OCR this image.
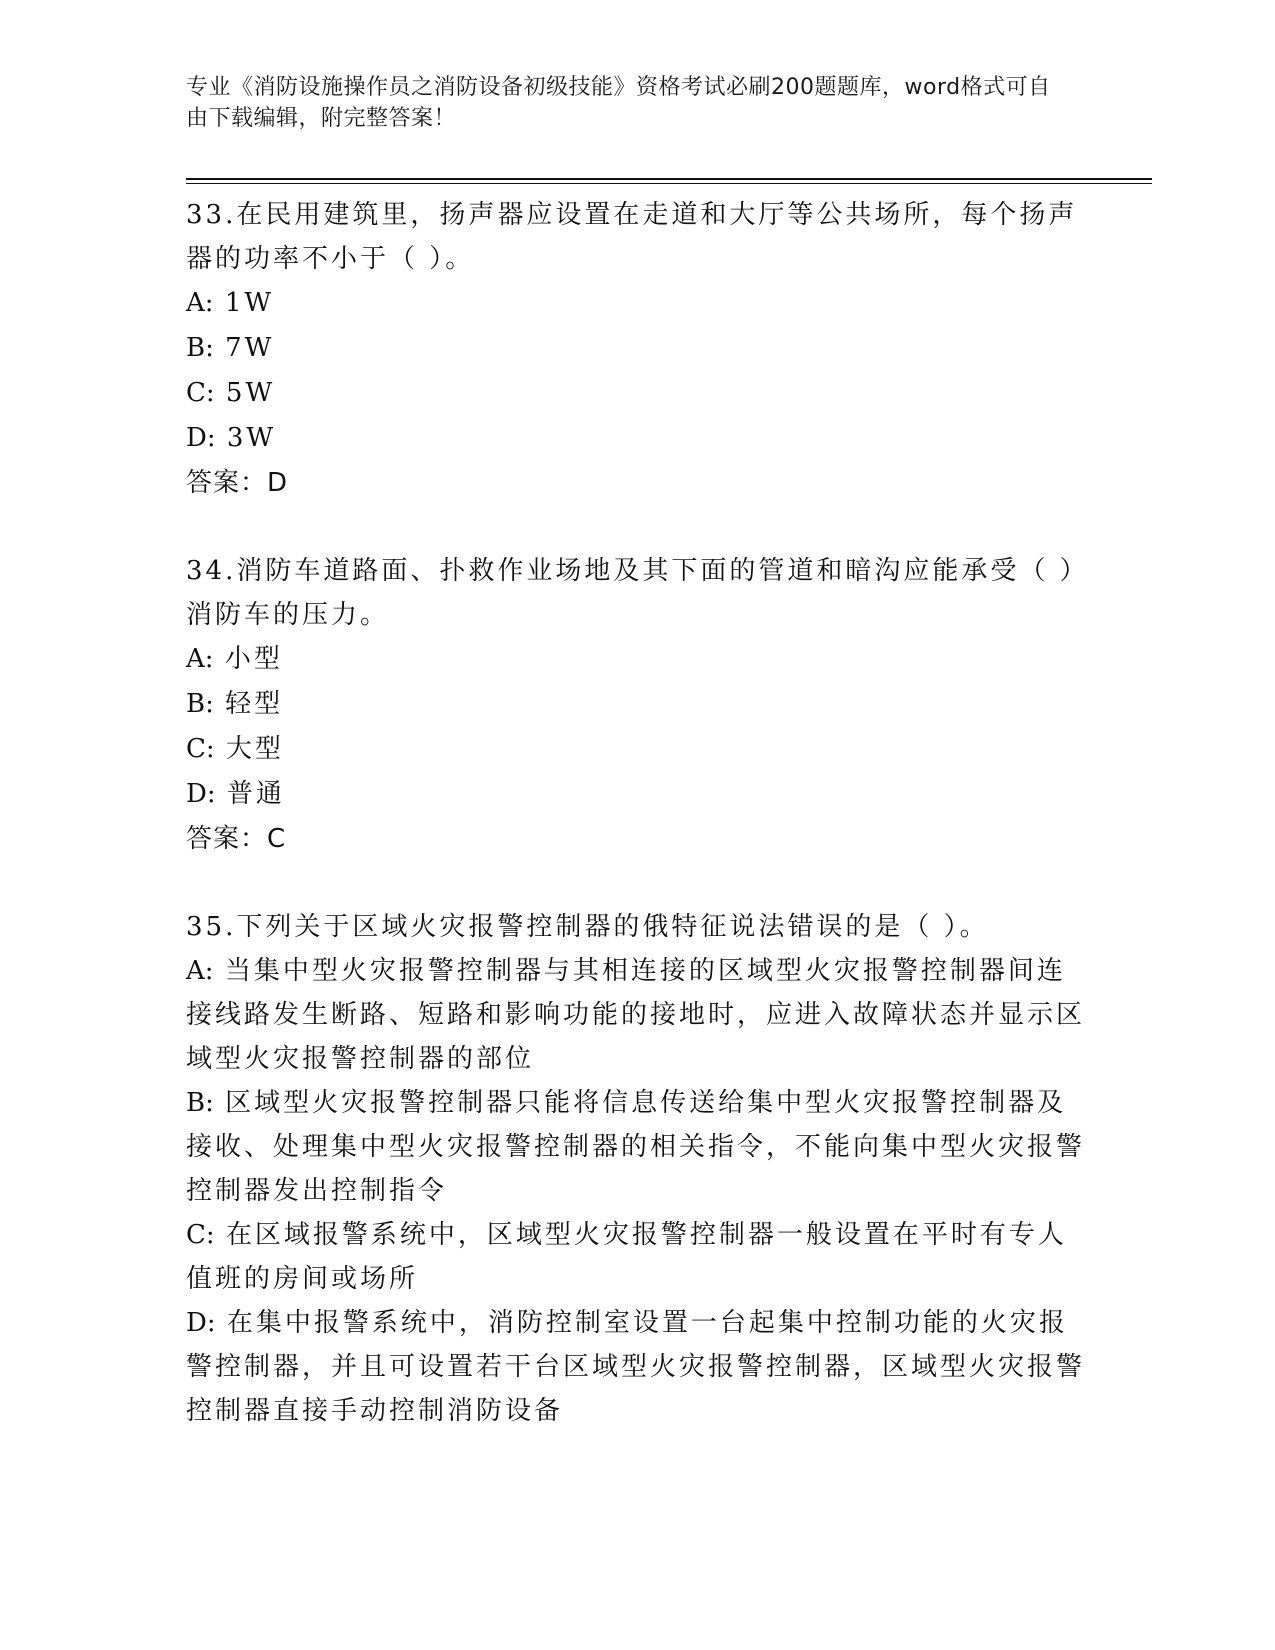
专业《消防设施操作员之消防设备初级技能》资格考试必刷200题题库，word格式可自由下载编辑，附完整答案！

33.在民用建筑里，扬声器应设置在走道和大厅等公共场所，每个扬声器的功率不小于（ ）。

A: 1W

B: 7W

C: 5W

D: 3W

答案：D

34.消防车道路面、扑救作业场地及其下面的管道和暗沟应能承受（ ）消防车的压力。

A: 小型

B: 轻型

C: 大型

D: 普通

答案：C

35.下列关于区域火灾报警控制器的俄特征说法错误的是（ ）。

A: 当集中型火灾报警控制器与其相连接的区域型火灾报警控制器间连接线路发生断路、短路和影响功能的接地时，应进入故障状态并显示区域型火灾报警控制器的部位

B: 区域型火灾报警控制器只能将信息传送给集中型火灾报警控制器及接收、处理集中型火灾报警控制器的相关指令，不能向集中型火灾报警控制器发出控制指令

C: 在区域报警系统中，区域型火灾报警控制器一般设置在平时有专人值班的房间或场所

D: 在集中报警系统中，消防控制室设置一台起集中控制功能的火灾报警控制器，并且可设置若干台区域型火灾报警控制器，区域型火灾报警控制器直接手动控制消防设备
